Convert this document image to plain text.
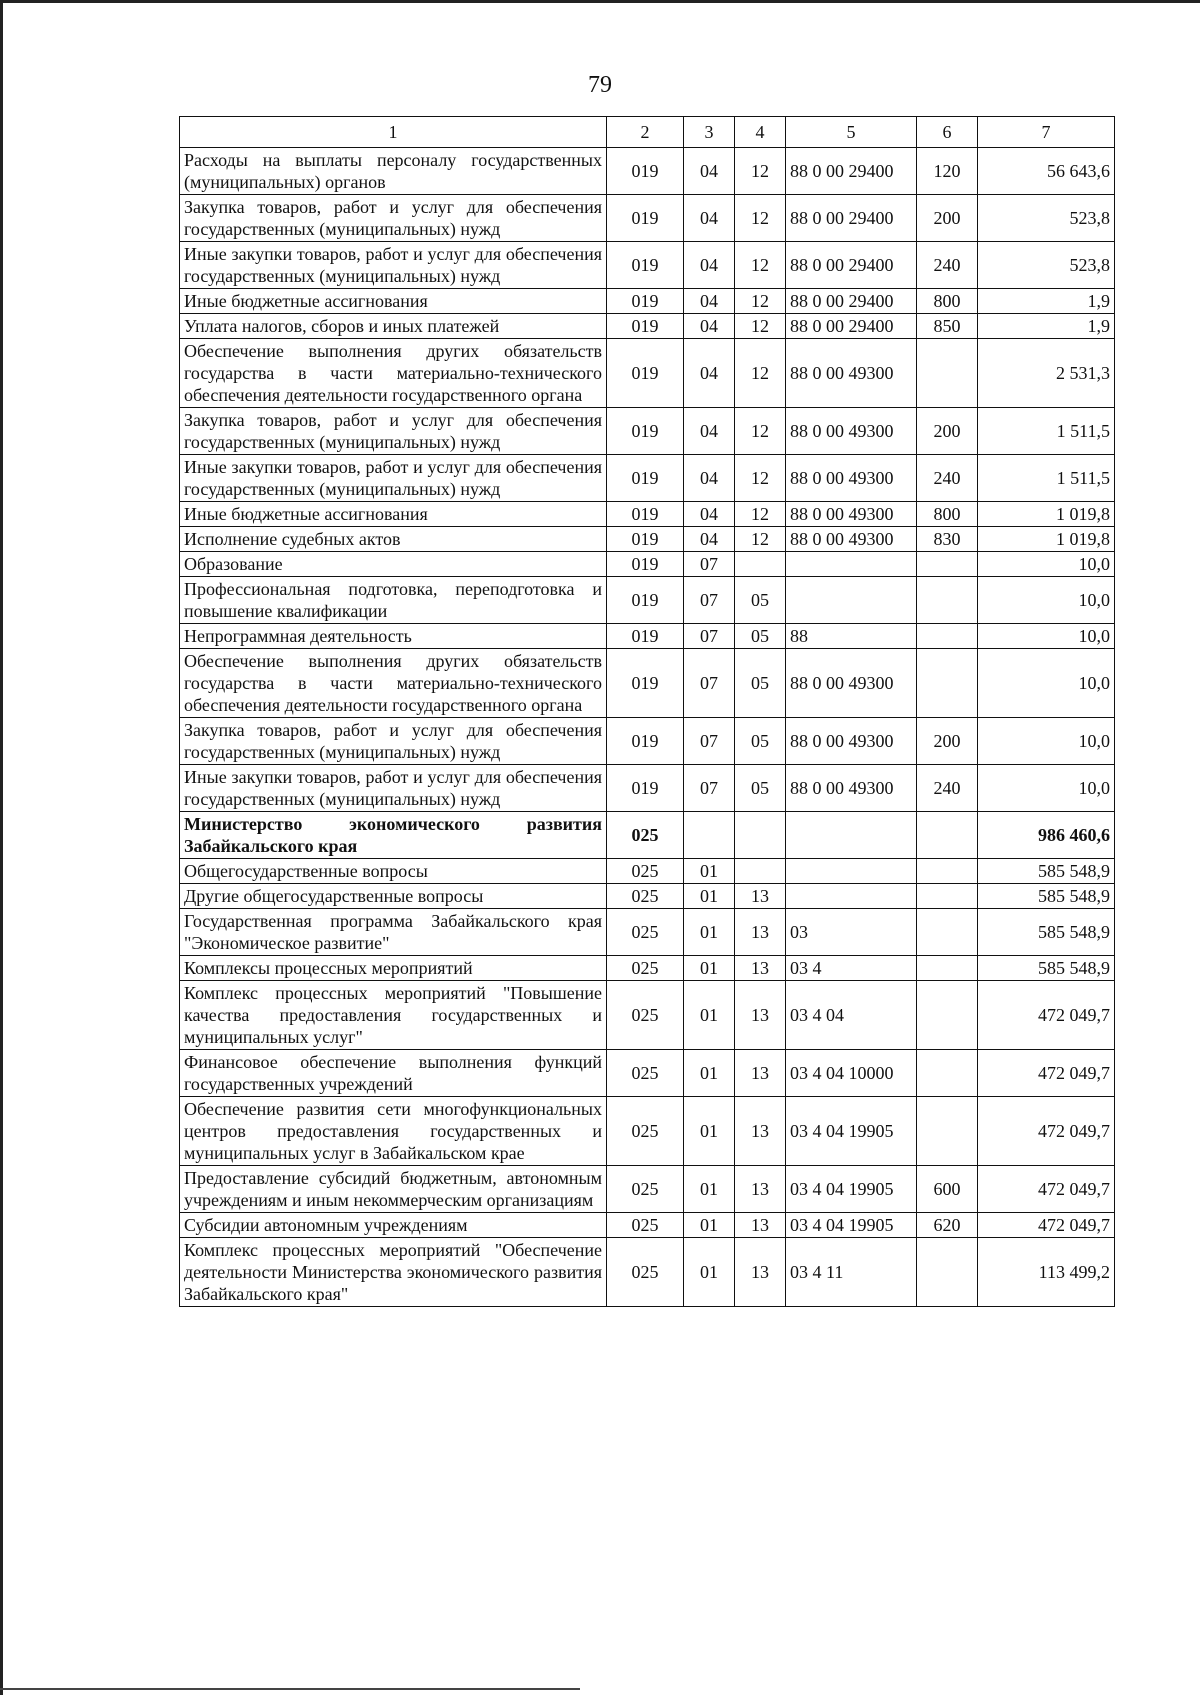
79
1	2	3	4	5	6	7
Расходы на выплаты персоналу государственных (муниципальных) органов	019	04	12	88 0 00 29400	120	56 643,6
Закупка товаров, работ и услуг для обеспечения государственных (муниципальных) нужд	019	04	12	88 0 00 29400	200	523,8
Иные закупки товаров, работ и услуг для обеспечения государственных (муниципальных) нужд	019	04	12	88 0 00 29400	240	523,8
Иные бюджетные ассигнования	019	04	12	88 0 00 29400	800	1,9
Уплата налогов, сборов и иных платежей	019	04	12	88 0 00 29400	850	1,9
Обеспечение выполнения других обязательств государства в части материально-технического обеспечения деятельности государственного органа	019	04	12	88 0 00 49300		2 531,3
Закупка товаров, работ и услуг для обеспечения государственных (муниципальных) нужд	019	04	12	88 0 00 49300	200	1 511,5
Иные закупки товаров, работ и услуг для обеспечения государственных (муниципальных) нужд	019	04	12	88 0 00 49300	240	1 511,5
Иные бюджетные ассигнования	019	04	12	88 0 00 49300	800	1 019,8
Исполнение судебных актов	019	04	12	88 0 00 49300	830	1 019,8
Образование	019	07				10,0
Профессиональная подготовка, переподготовка и повышение квалификации	019	07	05			10,0
Непрограммная деятельность	019	07	05	88		10,0
Обеспечение выполнения других обязательств государства в части материально-технического обеспечения деятельности государственного органа	019	07	05	88 0 00 49300		10,0
Закупка товаров, работ и услуг для обеспечения государственных (муниципальных) нужд	019	07	05	88 0 00 49300	200	10,0
Иные закупки товаров, работ и услуг для обеспечения государственных (муниципальных) нужд	019	07	05	88 0 00 49300	240	10,0
Министерство экономического развития Забайкальского края	025					986 460,6
Общегосударственные вопросы	025	01				585 548,9
Другие общегосударственные вопросы	025	01	13			585 548,9
Государственная программа Забайкальского края "Экономическое развитие"	025	01	13	03		585 548,9
Комплексы процессных мероприятий	025	01	13	03 4		585 548,9
Комплекс процессных мероприятий "Повышение качества предоставления государственных и муниципальных услуг"	025	01	13	03 4 04		472 049,7
Финансовое обеспечение выполнения функций государственных учреждений	025	01	13	03 4 04 10000		472 049,7
Обеспечение развития сети многофункциональных центров предоставления государственных и муниципальных услуг в Забайкальском крае	025	01	13	03 4 04 19905		472 049,7
Предоставление субсидий бюджетным, автономным учреждениям и иным некоммерческим организациям	025	01	13	03 4 04 19905	600	472 049,7
Субсидии автономным учреждениям	025	01	13	03 4 04 19905	620	472 049,7
Комплекс процессных мероприятий "Обеспечение деятельности Министерства экономического развития Забайкальского края"	025	01	13	03 4 11		113 499,2
